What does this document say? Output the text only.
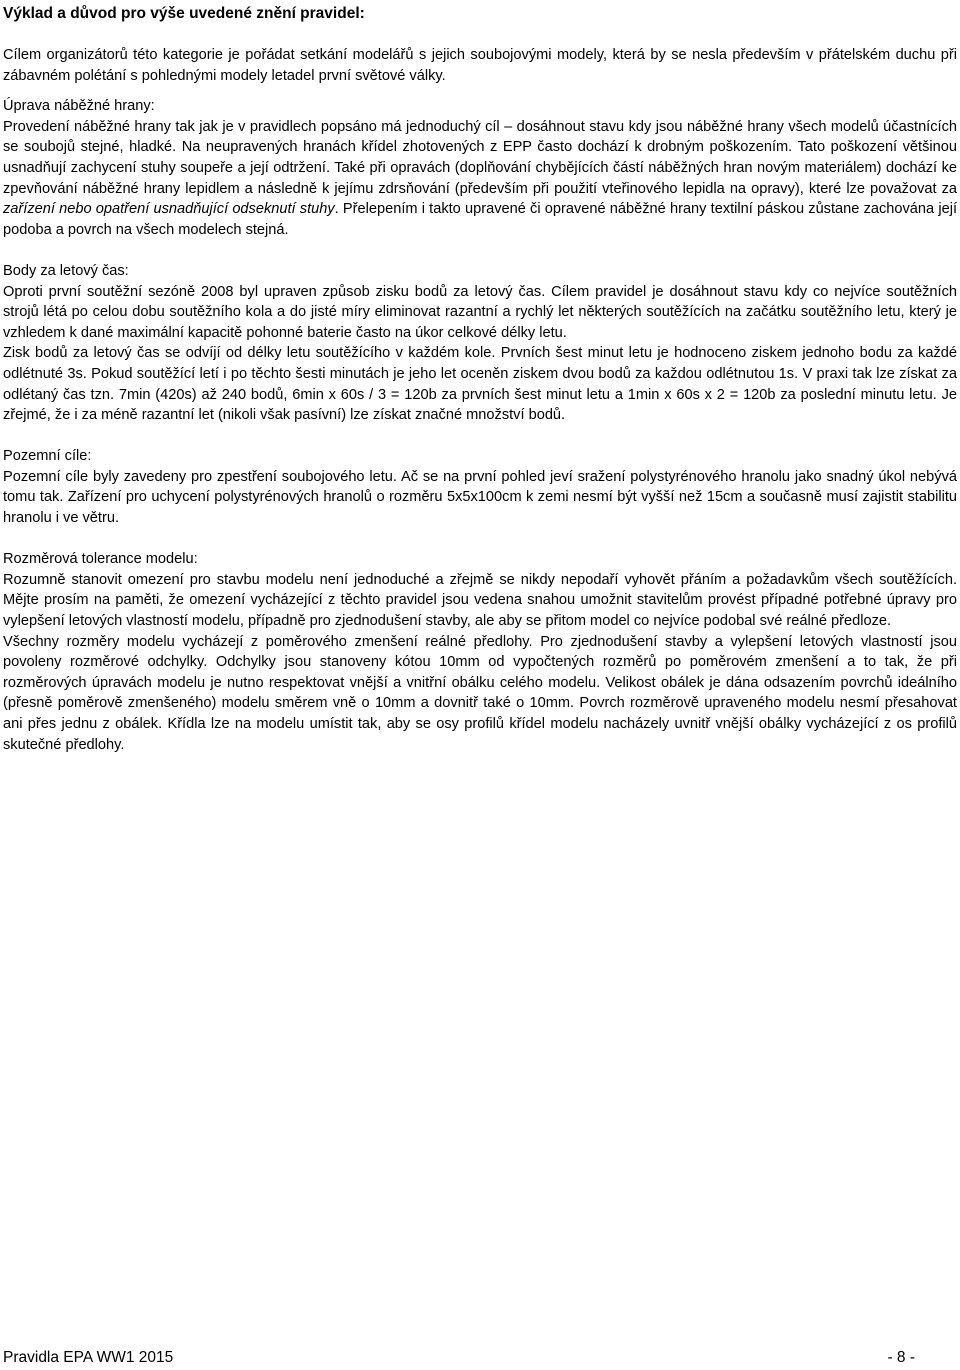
Výklad a důvod pro výše uvedené znění pravidel:

Cílem organizátorů této kategorie je pořádat setkání modelářů s jejich soubojovými modely, která by se nesla především v přátelském duchu při zábavném polétání s pohlednými modely letadel první světové války.

Úprava náběžné hrany:

Provedení náběžné hrany tak jak je v pravidlech popsáno má jednoduchý cíl – dosáhnout stavu kdy jsou náběžné hrany všech modelů účastnících se soubojů stejné, hladké. Na neupravených hranách křídel zhotovených z EPP často dochází k drobným poškozením. Tato poškození většinou usnadňují zachycení stuhy soupeře a její odtržení. Také při opravách (doplňování chybějících částí náběžných hran novým materiálem) dochází ke zpevňování náběžné hrany lepidlem a následně k jejímu zdrsňování (především při použití vteřinového lepidla na opravy), které lze považovat za zařízení nebo opatření usnadňující odseknutí stuhy. Přelepením i takto upravené či opravené náběžné hrany textilní páskou zůstane zachována její podoba a povrch na všech modelech stejná.

Body za letový čas:

Oproti první soutěžní sezóně 2008 byl upraven způsob zisku bodů za letový čas. Cílem pravidel je dosáhnout stavu kdy co nejvíce soutěžních strojů létá po celou dobu soutěžního kola a do jisté míry eliminovat razantní a rychlý let některých soutěžících na začátku soutěžního letu, který je vzhledem k dané maximální kapacitě pohonné baterie často na úkor celkové délky letu.

Zisk bodů za letový čas se odvíjí od délky letu soutěžícího v každém kole. Prvních šest minut letu je hodnoceno ziskem jednoho bodu za každé odlétnuté 3s. Pokud soutěžící letí i po těchto šesti minutách je jeho let oceněn ziskem dvou bodů za každou odlétnutou 1s. V praxi tak lze získat za odlétaný čas tzn. 7min (420s) až 240 bodů, 6min x 60s / 3 = 120b za prvních šest minut letu a 1min x 60s x 2 = 120b za poslední minutu letu. Je zřejmé, že i za méně razantní let (nikoli však pasívní) lze získat značné množství bodů.

Pozemní cíle:

Pozemní cíle byly zavedeny pro zpestření soubojového letu. Ač se na první pohled jeví sražení polystyrénového hranolu jako snadný úkol nebývá tomu tak. Zařízení pro uchycení polystyrénových hranolů o rozměru 5x5x100cm k zemi nesmí být vyšší než 15cm a současně musí zajistit stabilitu hranolu i ve větru.

Rozměrová tolerance modelu:

Rozumně stanovit omezení pro stavbu modelu není jednoduché a zřejmě se nikdy nepodaří vyhovět přáním a požadavkům všech soutěžících. Mějte prosím na paměti, že omezení vycházející z těchto pravidel jsou vedena snahou umožnit stavitelům provést případné potřebné úpravy pro vylepšení letových vlastností modelu, případně pro zjednodušení stavby, ale aby se přitom model co nejvíce podobal své reálné předloze.

Všechny rozměry modelu vycházejí z poměrového zmenšení reálné předlohy. Pro zjednodušení stavby a vylepšení letových vlastností jsou povoleny rozměrové odchylky. Odchylky jsou stanoveny kótou 10mm od vypočtených rozměrů po poměrovém zmenšení a to tak, že při rozměrových úpravách modelu je nutno respektovat vnější a vnitřní obálku celého modelu. Velikost obálek je dána odsazením povrchů ideálního (přesně poměrově zmenšeného) modelu směrem vně o 10mm a dovnitř také o 10mm. Povrch rozměrově upraveného modelu nesmí přesahovat ani přes jednu z obálek. Křídla lze na modelu umístit tak, aby se osy profilů křídel modelu nacházely uvnitř vnější obálky vycházející z os profilů skutečné předlohy.

Pravidla EPA WW1 2015	- 8 -
